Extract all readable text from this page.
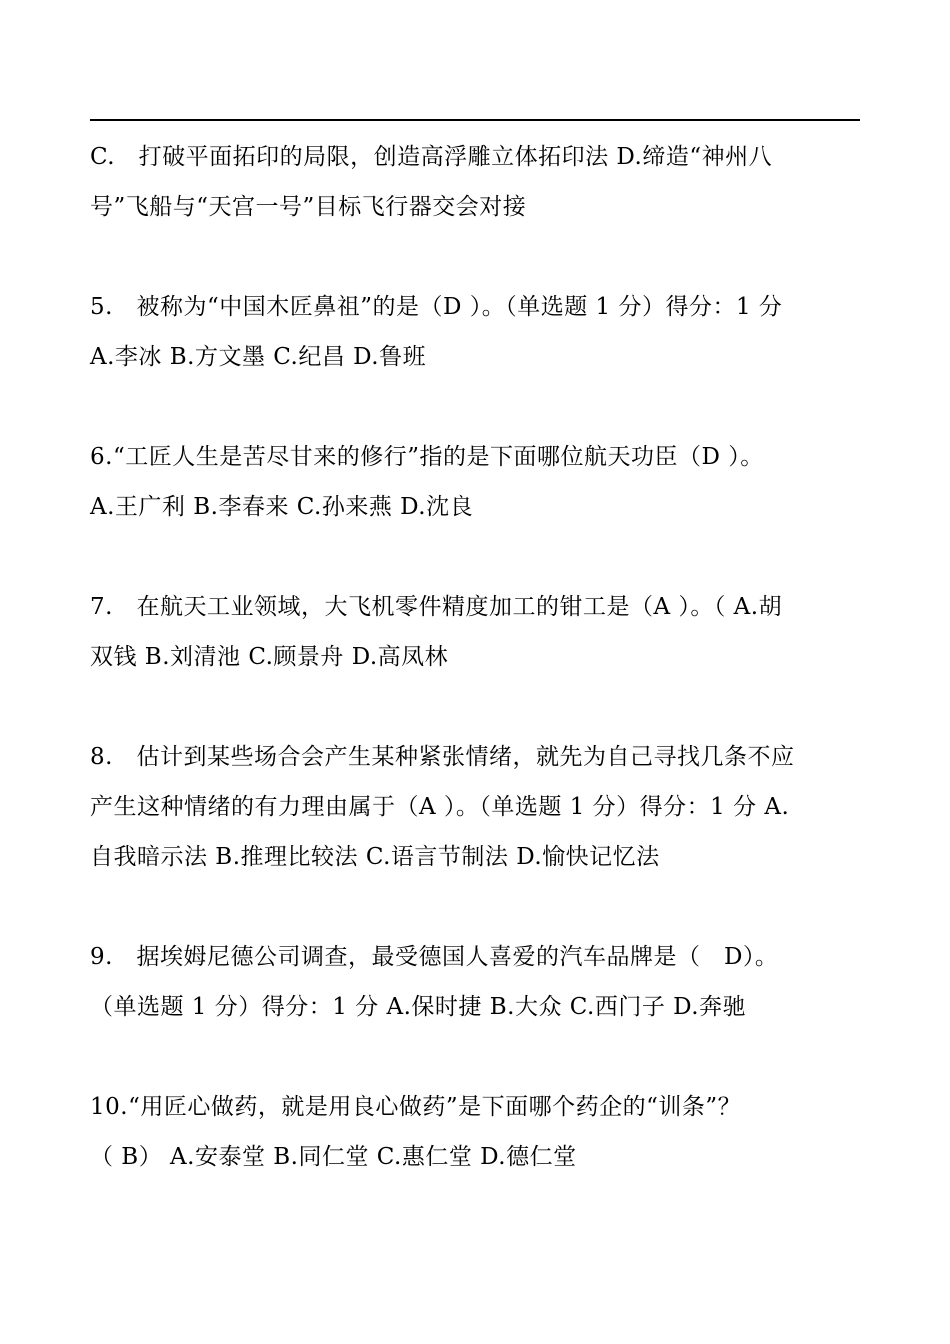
C.　打破平面拓印的局限，创造高浮雕立体拓印法 D.缔造“神州八
号”飞船与“天宫一号”目标飞行器交会对接
5.　被称为“中国木匠鼻祖”的是（D ）。（单选题 1 分）得分：1 分
A.李冰 B.方文墨 C.纪昌 D.鲁班
6.“工匠人生是苦尽甘来的修行”指的是下面哪位航天功臣（D ）。
A.王广利 B.李春来 C.孙来燕 D.沈良
7.　在航天工业领域，大飞机零件精度加工的钳工是（A ）。（ A.胡
双钱 B.刘清池 C.顾景舟 D.高凤林
8.　估计到某些场合会产生某种紧张情绪，就先为自己寻找几条不应
产生这种情绪的有力理由属于（A ）。（单选题 1 分）得分：1 分 A.
自我暗示法 B.推理比较法 C.语言节制法 D.愉快记忆法
9.　据埃姆尼德公司调查，最受德国人喜爱的汽车品牌是（　D）。
（单选题 1 分）得分：1 分 A.保时捷 B.大众 C.西门子 D.奔驰
10.“用匠心做药，就是用良心做药”是下面哪个药企的“训条”？
（ B） A.安泰堂 B.同仁堂 C.惠仁堂 D.德仁堂
